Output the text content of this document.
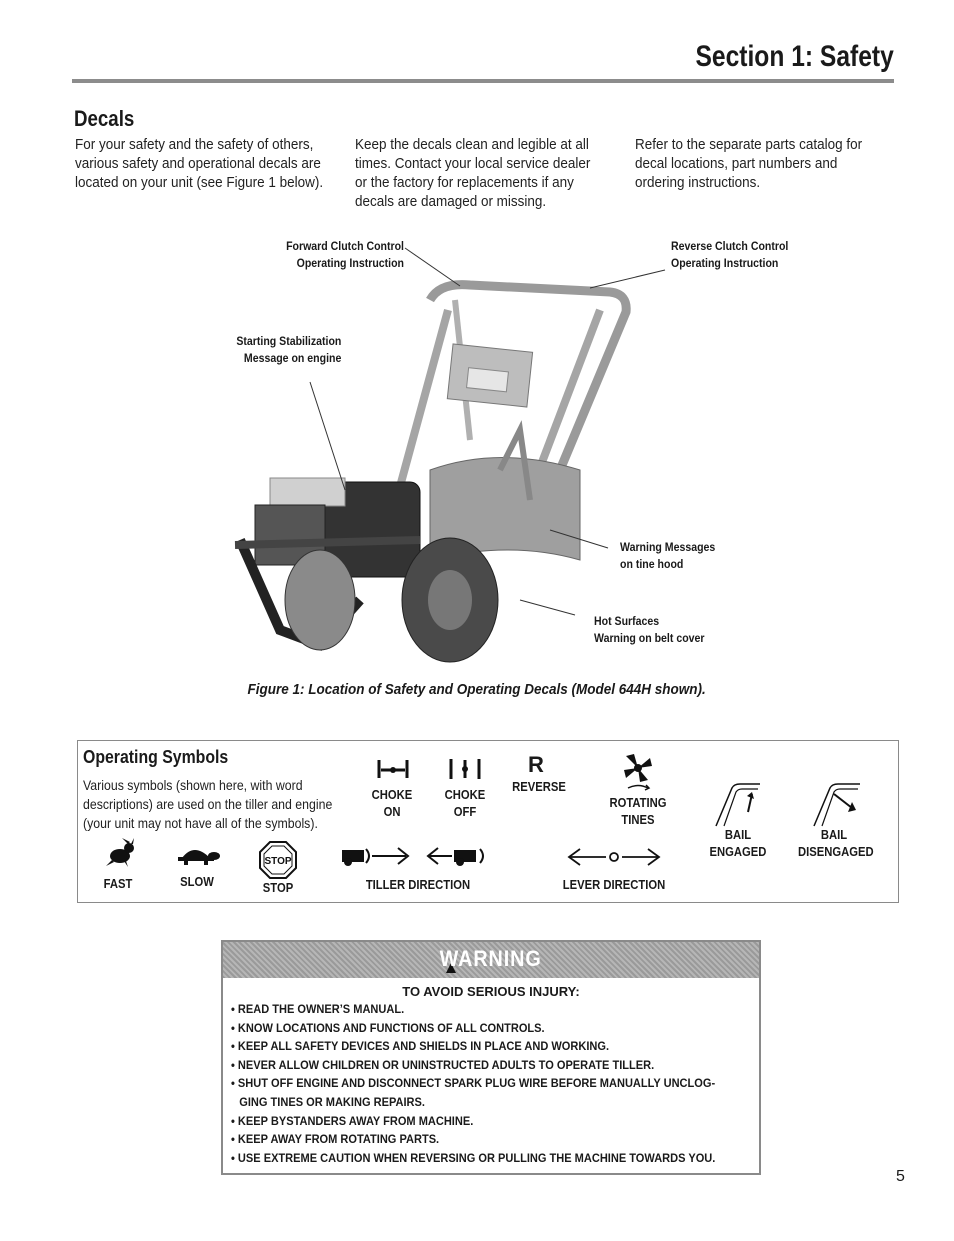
Section 1: Safety
Decals
For your safety and the safety of others,
various safety and operational decals are
located on your unit (see Figure 1 below).
Keep the decals clean and legible at all
times. Contact your local service dealer
or the factory for replacements if any
decals are damaged or missing.
Refer to the separate parts catalog for
decal locations, part numbers and
ordering instructions.
Forward Clutch Control
Operating Instruction
Reverse Clutch Control
Operating Instruction
Starting Stabilization
Message on engine
Warning Messages
on tine hood
Hot Surfaces
Warning on belt cover
Figure 1: Location of Safety and Operating Decals (Model 644H shown).
Operating Symbols
Various symbols (shown here, with word
descriptions) are used on the tiller and engine
(your unit may not have all of the symbols).
CHOKE
ON
CHOKE
OFF
R
REVERSE
ROTATING
TINES
BAIL
ENGAGED
BAIL
DISENGAGED
FAST	SLOW
STOP
STOP	TILLER DIRECTION	LEVER DIRECTION
WARNING
TO AVOID SERIOUS INJURY:
• READ THE OWNER’S MANUAL.
• KNOW LOCATIONS AND FUNCTIONS OF ALL CONTROLS.
• KEEP ALL SAFETY DEVICES AND SHIELDS IN PLACE AND WORKING.
• NEVER ALLOW CHILDREN OR UNINSTRUCTED ADULTS TO OPERATE TILLER.
• SHUT OFF ENGINE AND DISCONNECT SPARK PLUG WIRE BEFORE MANUALLY UNCLOG-
GING TINES OR MAKING REPAIRS.
• KEEP BYSTANDERS AWAY FROM MACHINE.
• KEEP AWAY FROM ROTATING PARTS.
• USE EXTREME CAUTION WHEN REVERSING OR PULLING THE MACHINE TOWARDS YOU.
5
